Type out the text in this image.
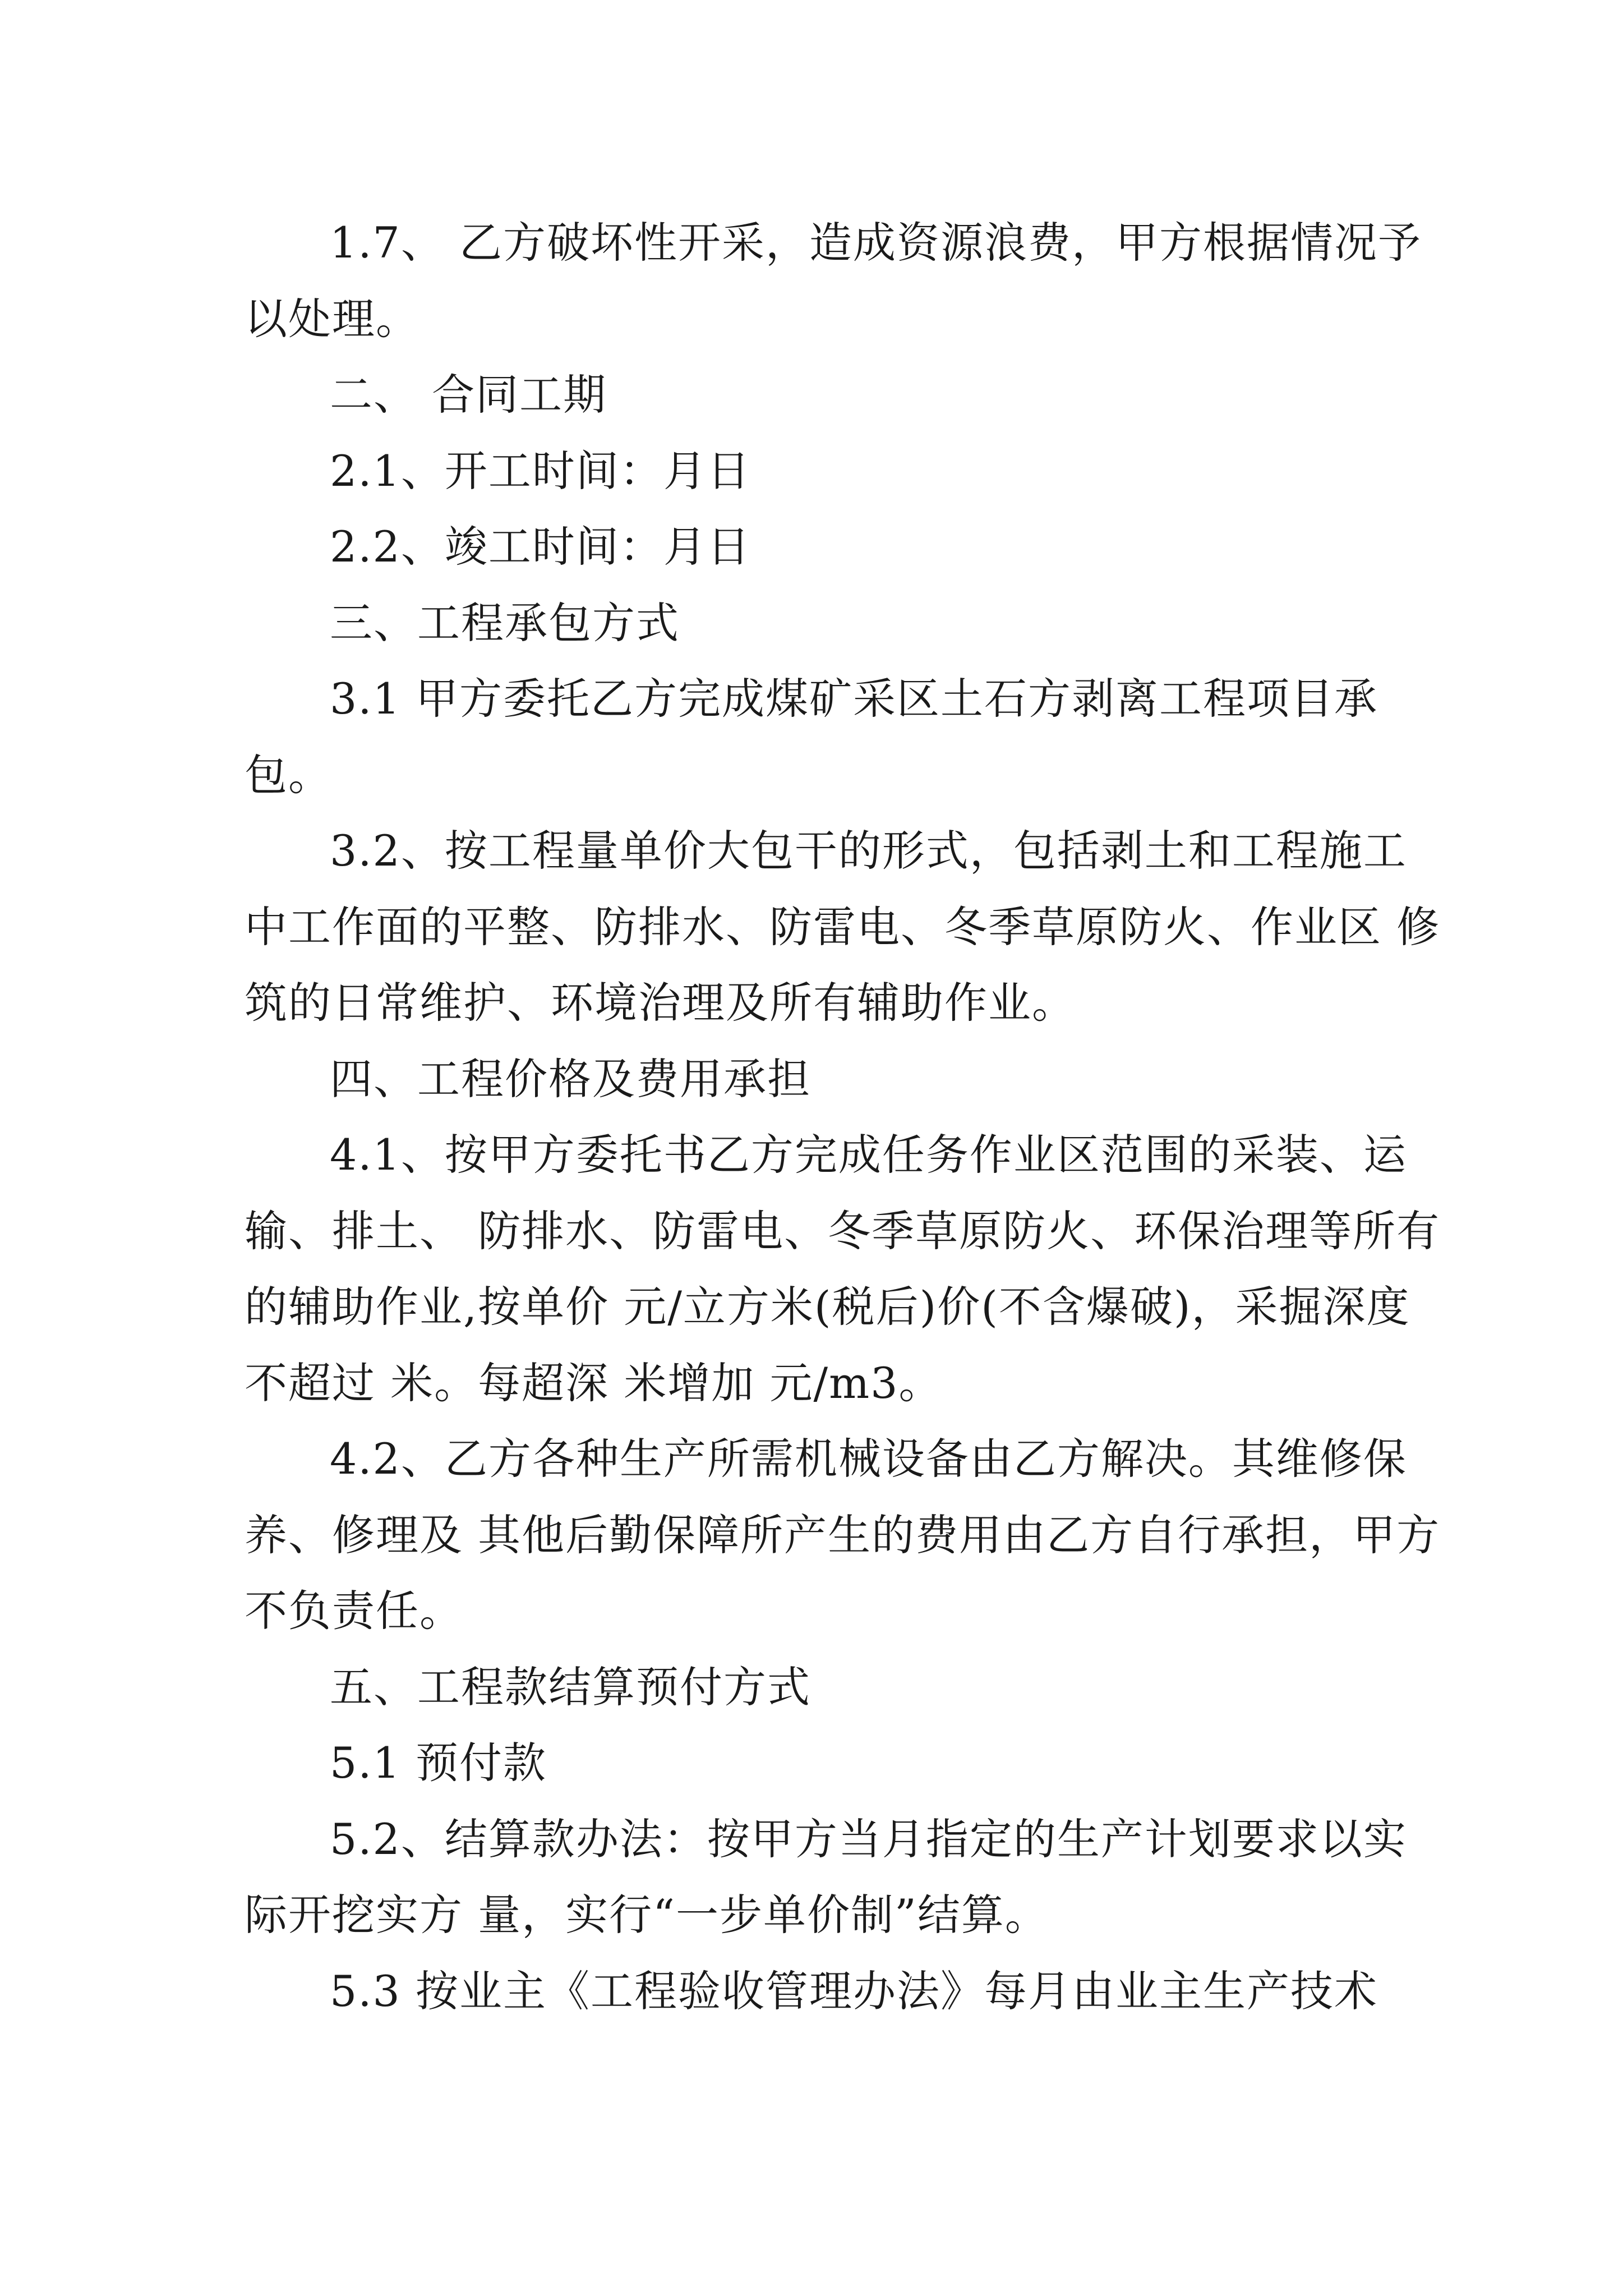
1.7、 乙方破坏性开采，造成资源浪费，甲方根据情况予以处理。

二、 合同工期

2.1、开工时间：月日

2.2、竣工时间：月日

三、工程承包方式

3.1 甲方委托乙方完成煤矿采区土石方剥离工程项目承包。

3.2、按工程量单价大包干的形式，包括剥土和工程施工中工作面的平整、防排水、防雷电、冬季草原防火、作业区 修筑的日常维护、环境治理及所有辅助作业。

四、工程价格及费用承担

4.1、按甲方委托书乙方完成任务作业区范围的采装、运输、排土、 防排水、防雷电、冬季草原防火、环保治理等所有的辅助作业,按单价 元/立方米(税后)价(不含爆破)，采掘深度不超过 米。每超深 米增加 元/m3。

4.2、乙方各种生产所需机械设备由乙方解决。其维修保养、修理及 其他后勤保障所产生的费用由乙方自行承担，甲方不负责任。

五、工程款结算预付方式

5.1 预付款

5.2、结算款办法：按甲方当月指定的生产计划要求以实际开挖实方 量，实行“一步单价制”结算。

5.3 按业主《工程验收管理办法》每月由业主生产技术
